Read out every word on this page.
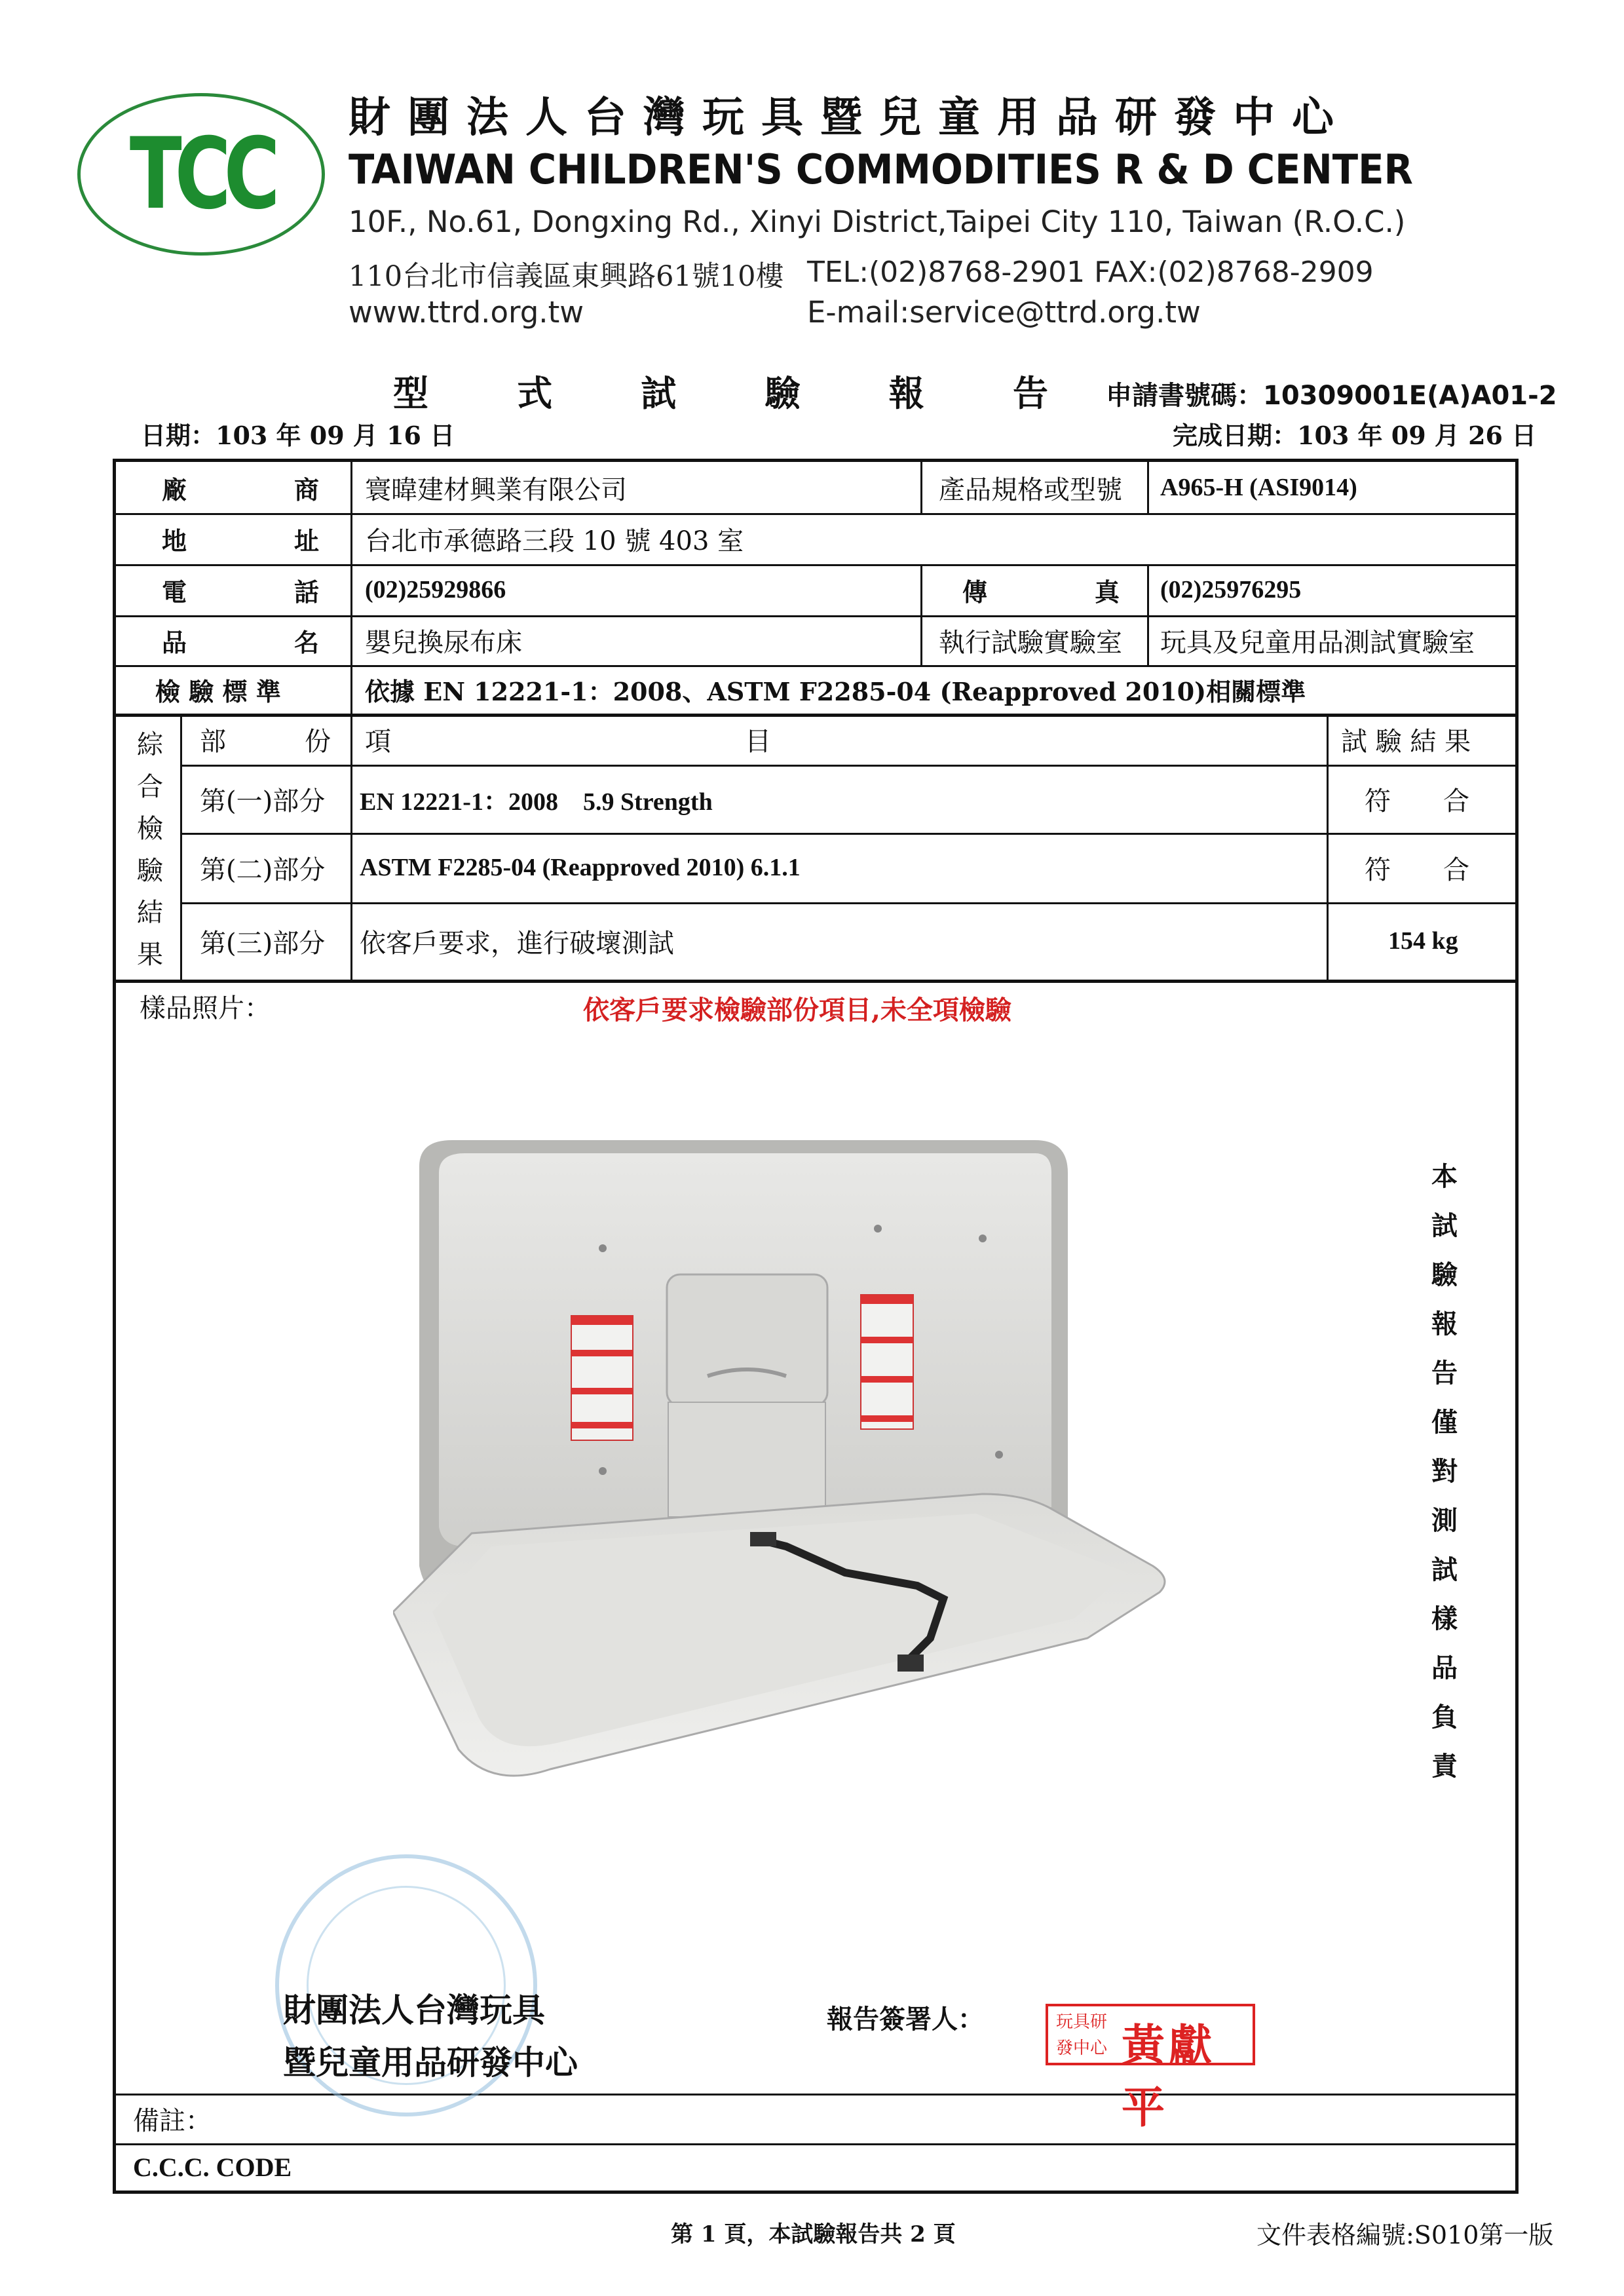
TCC 財團法人台灣玩具暨兒童用品研發中心
TAIWAN CHILDREN'S COMMODITIES R & D CENTER
10F., No.61, Dongxing Rd., Xinyi District,Taipei City 110, Taiwan (R.O.C.)
110台北市信義區東興路61號10樓 TEL:(02)8768-2901 FAX:(02)8768-2909
www.ttrd.org.tw	E-mail:service@ttrd.org.tw
型	式	試	驗	報	告 申請書號碼：10309001E(A)A01-2
日期：103 年 09 月 16 日	完成日期：103 年 09 月 26 日
廠	商 寰暐建材興業有限公司	產品規格或型號 A965-H (ASI9014)
地	址 台北市承德路三段 10 號 403 室
電	話 (02)25929866	傳	真 (02)25976295
品	名 嬰兒換尿布床	執行試驗實驗室 玩具及兒童用品測試實驗室
檢 驗 標 準	依據 EN 12221-1：2008、ASTM F2285-04 (Reapproved 2010)相關標準
綜
合
檢
驗
結
果
部	份 項	目	試 驗 結 果
第(一)部分 EN 12221-1：2008　5.9 Strength	符　　合
第(二)部分 ASTM F2285-04 (Reapproved 2010) 6.1.1	符　　合
第(三)部分 依客戶要求，進行破壞測試	154 kg
樣品照片：
備註：
C.C.C. CODE
依客戶要求檢驗部份項目,未全項檢驗
本
試
驗
報
告
僅
對
測
試
樣
品
負
責
財團法人台灣玩具
暨兒童用品研發中心
報告簽署人：	玩具研發中心 黃獻平
第 1 頁，本試驗報告共 2 頁	文件表格編號:S010第一版
